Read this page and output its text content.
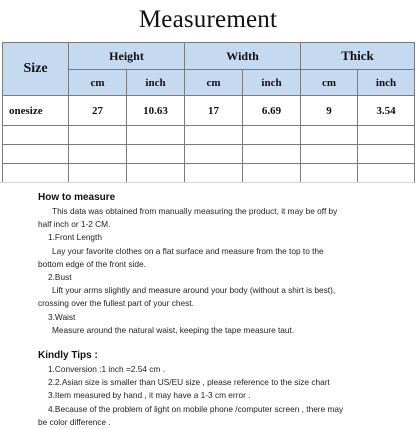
Measurement
Size	Height		Width		Thick	
	cm	inch	cm	inch	cm	inch
onesize	27	10.63	17	6.69	9	3.54

How to measure
This data was obtained from manually measuring the product, it may be off by
half inch or 1-2 CM.
1.Front Length
Lay your favorite clothes on a flat surface and measure from the top to the
bottom edge of the front side.
2.Bust
Lift your arms slightly and measure around your body (without a shirt is best),
crossing over the fullest part of your chest.
3.Waist
Measure around the natural waist, keeping the tape measure taut.
Kindly Tips :
1.Conversion :1 inch =2.54 cm .
2.2.Asian size is smaller than US/EU size , please reference to the size chart
3.Item measured by hand , it may have a 1-3 cm error .
4.Because of the problem of light on mobile phone /computer screen , there may
be color difference .
